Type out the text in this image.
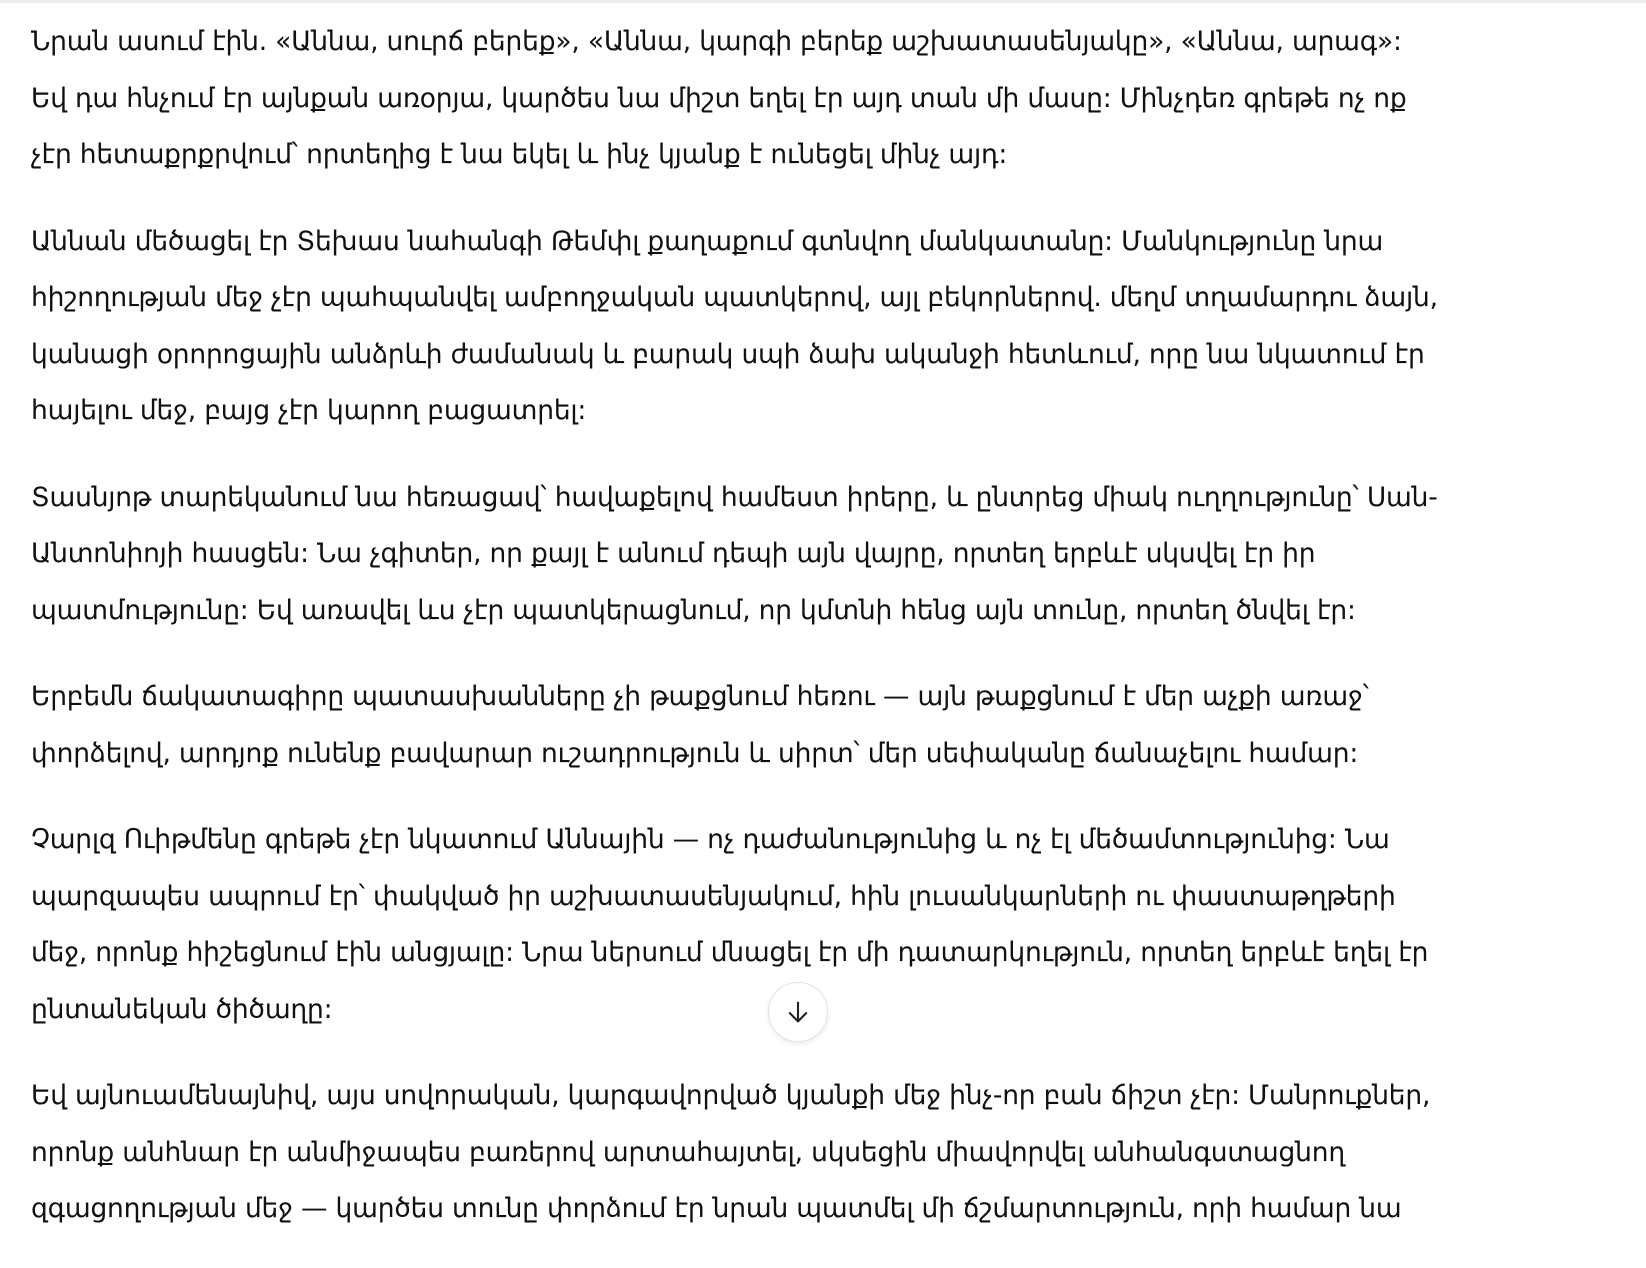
Նրան ասում էին. «Աննա, սուրճ բերեք», «Աննա, կարգի բերեք աշխատասենյակը», «Աննա, արագ»:
Եվ դա հնչում էր այնքան առօրյա, կարծես նա միշտ եղել էր այդ տան մի մասը: Մինչդեռ գրեթե ոչ ոք
չէր հետաքրքրվում՝ որտեղից է նա եկել և ինչ կյանք է ունեցել մինչ այդ:

Աննան մեծացել էր Տեխաս նահանգի Թեմփլ քաղաքում գտնվող մանկատանը: Մանկությունը նրա
հիշողության մեջ չէր պահպանվել ամբողջական պատկերով, այլ բեկորներով. մեղմ տղամարդու ձայն,
կանացի օրորոցային անձրևի ժամանակ և բարակ սպի ձախ ականջի հետևում, որը նա նկատում էր
հայելու մեջ, բայց չէր կարող բացատրել:

Տասնյոթ տարեկանում նա հեռացավ՝ հավաքելով համեստ իրերը, և ընտրեց միակ ուղղությունը՝ Սան-
Անտոնիոյի հասցեն: Նա չգիտեր, որ քայլ է անում դեպի այն վայրը, որտեղ երբևէ սկսվել էր իր
պատմությունը: Եվ առավել ևս չէր պատկերացնում, որ կմտնի հենց այն տունը, որտեղ ծնվել էր:

Երբեմն ճակատագիրը պատասխանները չի թաքցնում հեռու — այն թաքցնում է մեր աչքի առաջ՝
փորձելով, արդյոք ունենք բավարար ուշադրություն և սիրտ՝ մեր սեփականը ճանաչելու համար:

Չարլզ Ուիթմենը գրեթե չէր նկատում Աննային — ոչ դաժանությունից և ոչ էլ մեծամտությունից: Նա
պարզապես ապրում էր՝ փակված իր աշխատասենյակում, հին լուսանկարների ու փաստաթղթերի
մեջ, որոնք հիշեցնում էին անցյալը: Նրա ներսում մնացել էր մի դատարկություն, որտեղ երբևէ եղել էր
ընտանեկան ծիծաղը:

Եվ այնուամենայնիվ, այս սովորական, կարգավորված կյանքի մեջ ինչ-որ բան ճիշտ չէր: Մանրուքներ,
որոնք անհնար էր անմիջապես բառերով արտահայտել, սկսեցին միավորվել անհանգստացնող
զգացողության մեջ — կարծես տունը փորձում էր նրան պատմել մի ճշմարտություն, որի համար նա
